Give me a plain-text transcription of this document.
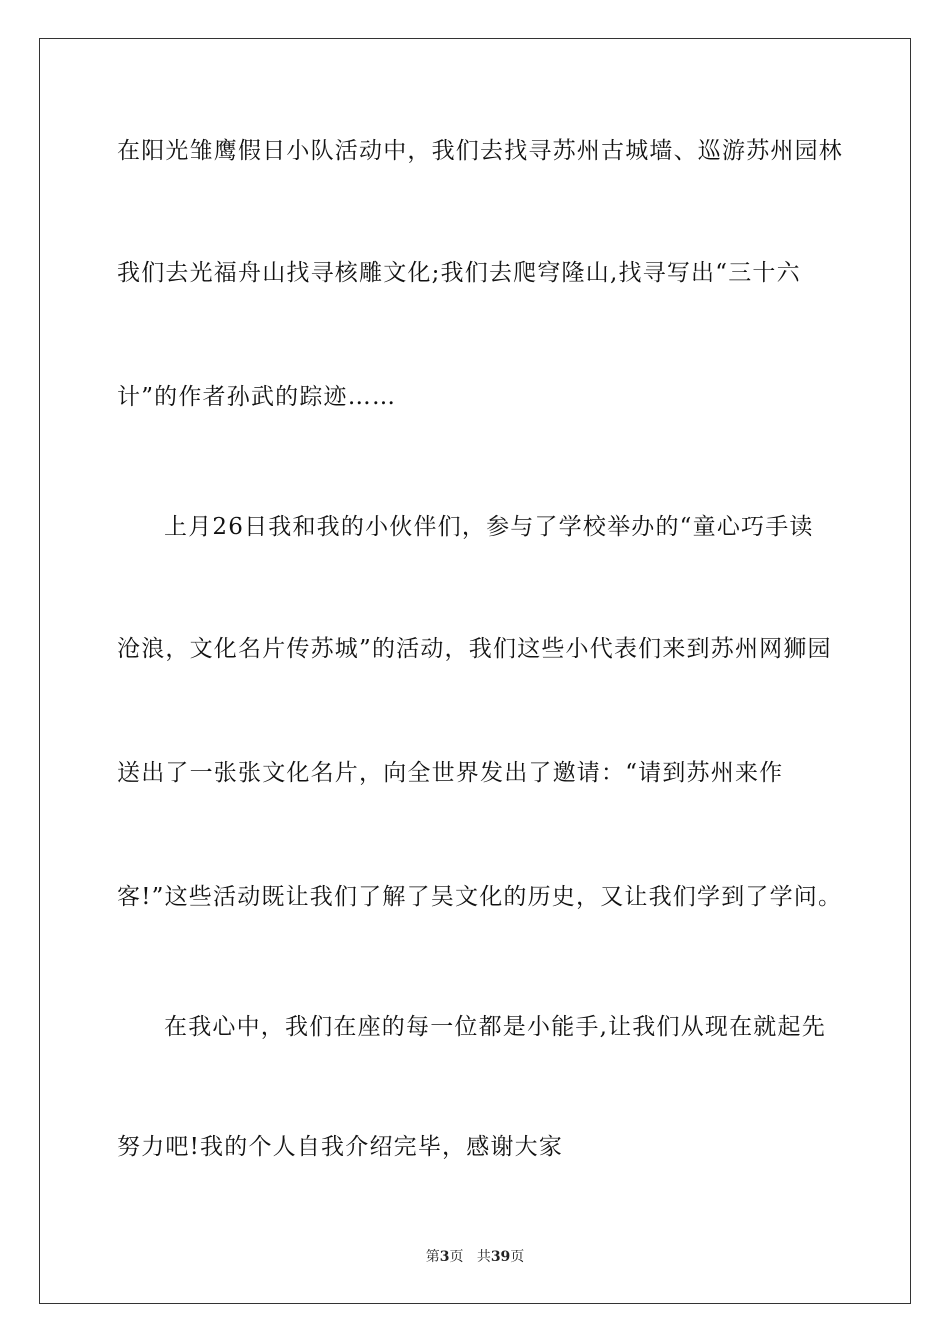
在阳光雏鹰假日小队活动中，我们去找寻苏州古城墙、巡游苏州园林
我们去光福舟山找寻核雕文化;我们去爬穹隆山,找寻写出“三十六
计”的作者孙武的踪迹……
上月26日我和我的小伙伴们，参与了学校举办的“童心巧手读
沧浪，文化名片传苏城”的活动，我们这些小代表们来到苏州网狮园
送出了一张张文化名片，向全世界发出了邀请：“请到苏州来作
客!”这些活动既让我们了解了吴文化的历史，又让我们学到了学问。
在我心中，我们在座的每一位都是小能手,让我们从现在就起先
努力吧!我的个人自我介绍完毕，感谢大家
第3页 共39页
